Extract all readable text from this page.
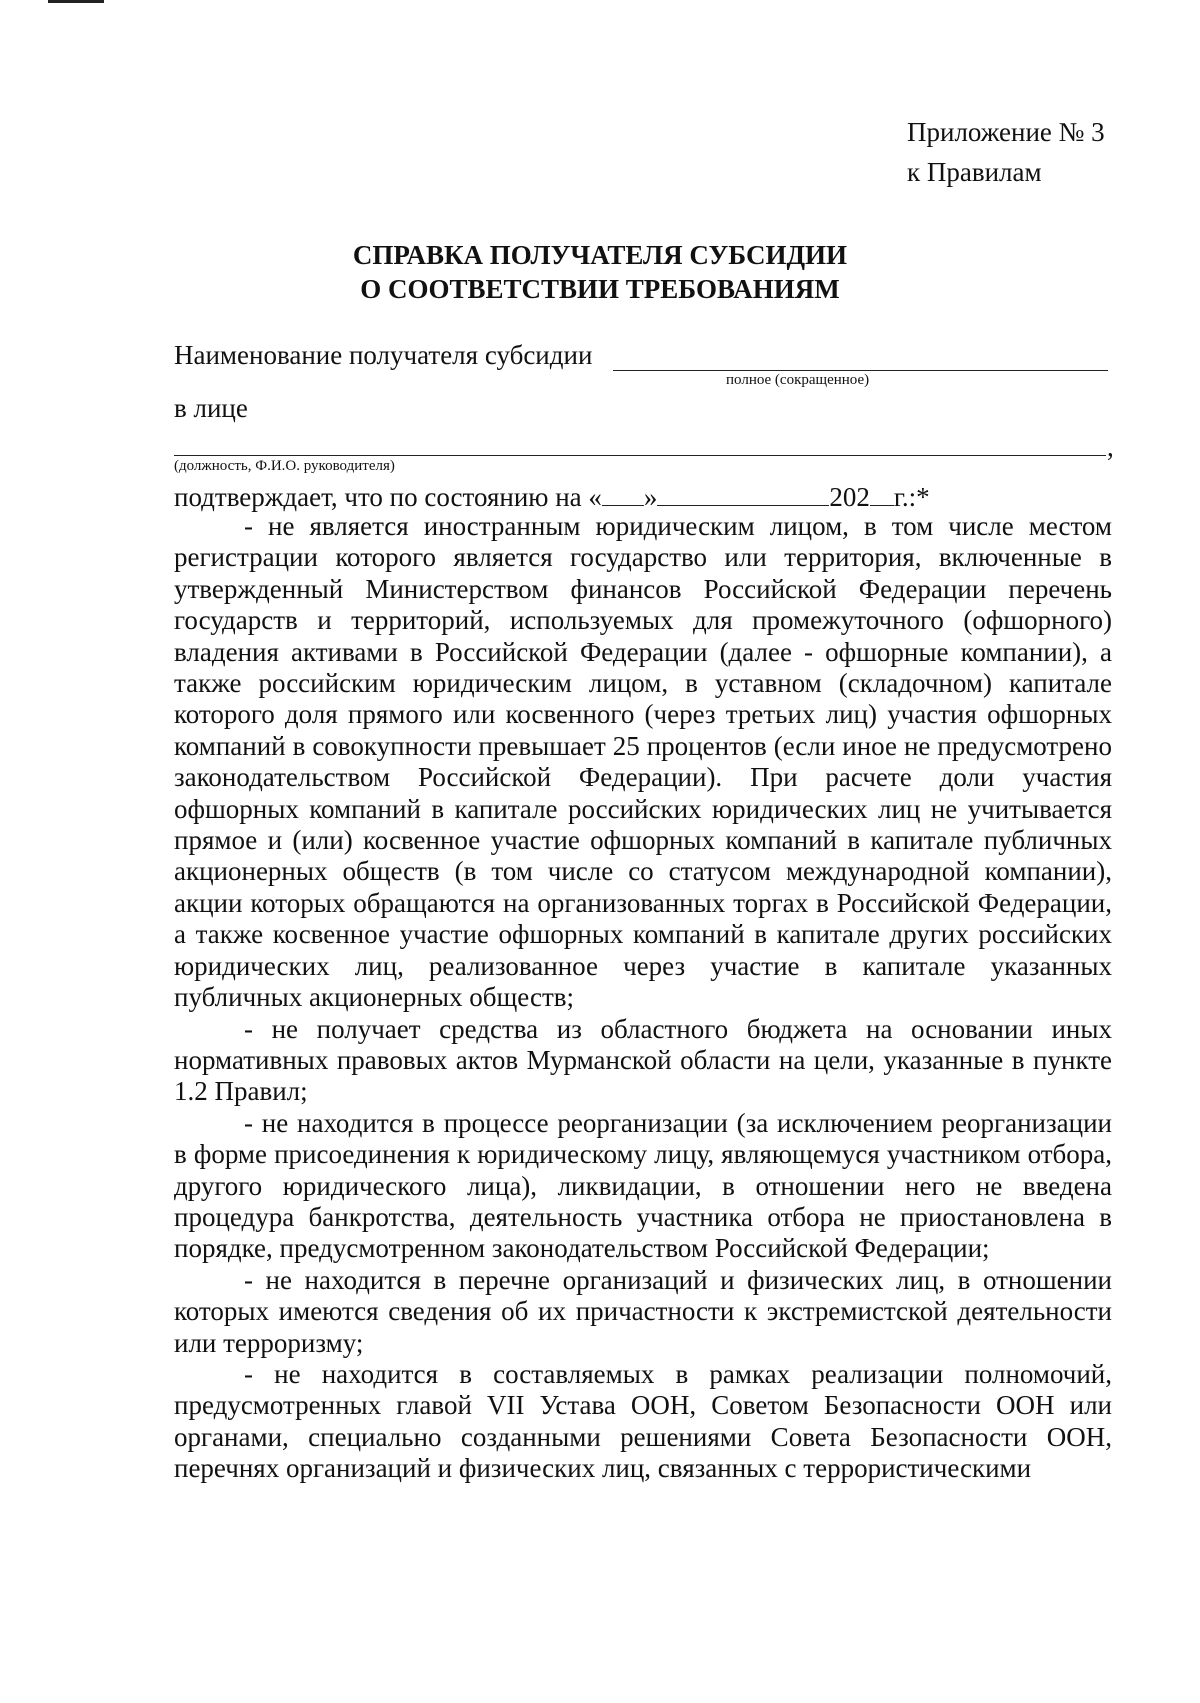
Приложение № 3
к Правилам
СПРАВКА ПОЛУЧАТЕЛЯ СУБСИДИИ
О СООТВЕТСТВИИ ТРЕБОВАНИЯМ
Наименование получателя субсидии
полное (сокращенное)
в лице
,
(должность, Ф.И.О. руководителя)
подтверждает, что по состоянию на « »	202 г.:*

- не является иностранным юридическим лицом, в том числе местом регистрации которого является государство или территория, включенные в утвержденный Министерством финансов Российской Федерации перечень государств и территорий, используемых для промежуточного (офшорного) владения активами в Российской Федерации (далее - офшорные компании), а также российским юридическим лицом, в уставном (складочном) капитале которого доля прямого или косвенного (через третьих лиц) участия офшорных компаний в совокупности превышает 25 процентов (если иное не предусмотрено законодательством Российской Федерации). При расчете доли участия офшорных компаний в капитале российских юридических лиц не учитывается прямое и (или) косвенное участие офшорных компаний в капитале публичных акционерных обществ (в том числе со статусом международной компании), акции которых обращаются на организованных торгах в Российской Федерации, а также косвенное участие офшорных компаний в капитале других российских юридических лиц, реализованное через участие в капитале указанных публичных акционерных обществ;

- не получает средства из областного бюджета на основании иных нормативных правовых актов Мурманской области на цели, указанные в пункте 1.2 Правил;

- не находится в процессе реорганизации (за исключением реорганизации в форме присоединения к юридическому лицу, являющемуся участником отбора, другого юридического лица), ликвидации, в отношении него не введена процедура банкротства, деятельность участника отбора не приостановлена в порядке, предусмотренном законодательством Российской Федерации;

- не находится в перечне организаций и физических лиц, в отношении которых имеются сведения об их причастности к экстремистской деятельности или терроризму;

- не находится в составляемых в рамках реализации полномочий, предусмотренных главой VII Устава ООН, Советом Безопасности ООН или органами, специально созданными решениями Совета Безопасности ООН, перечнях организаций и физических лиц, связанных с террористическими
